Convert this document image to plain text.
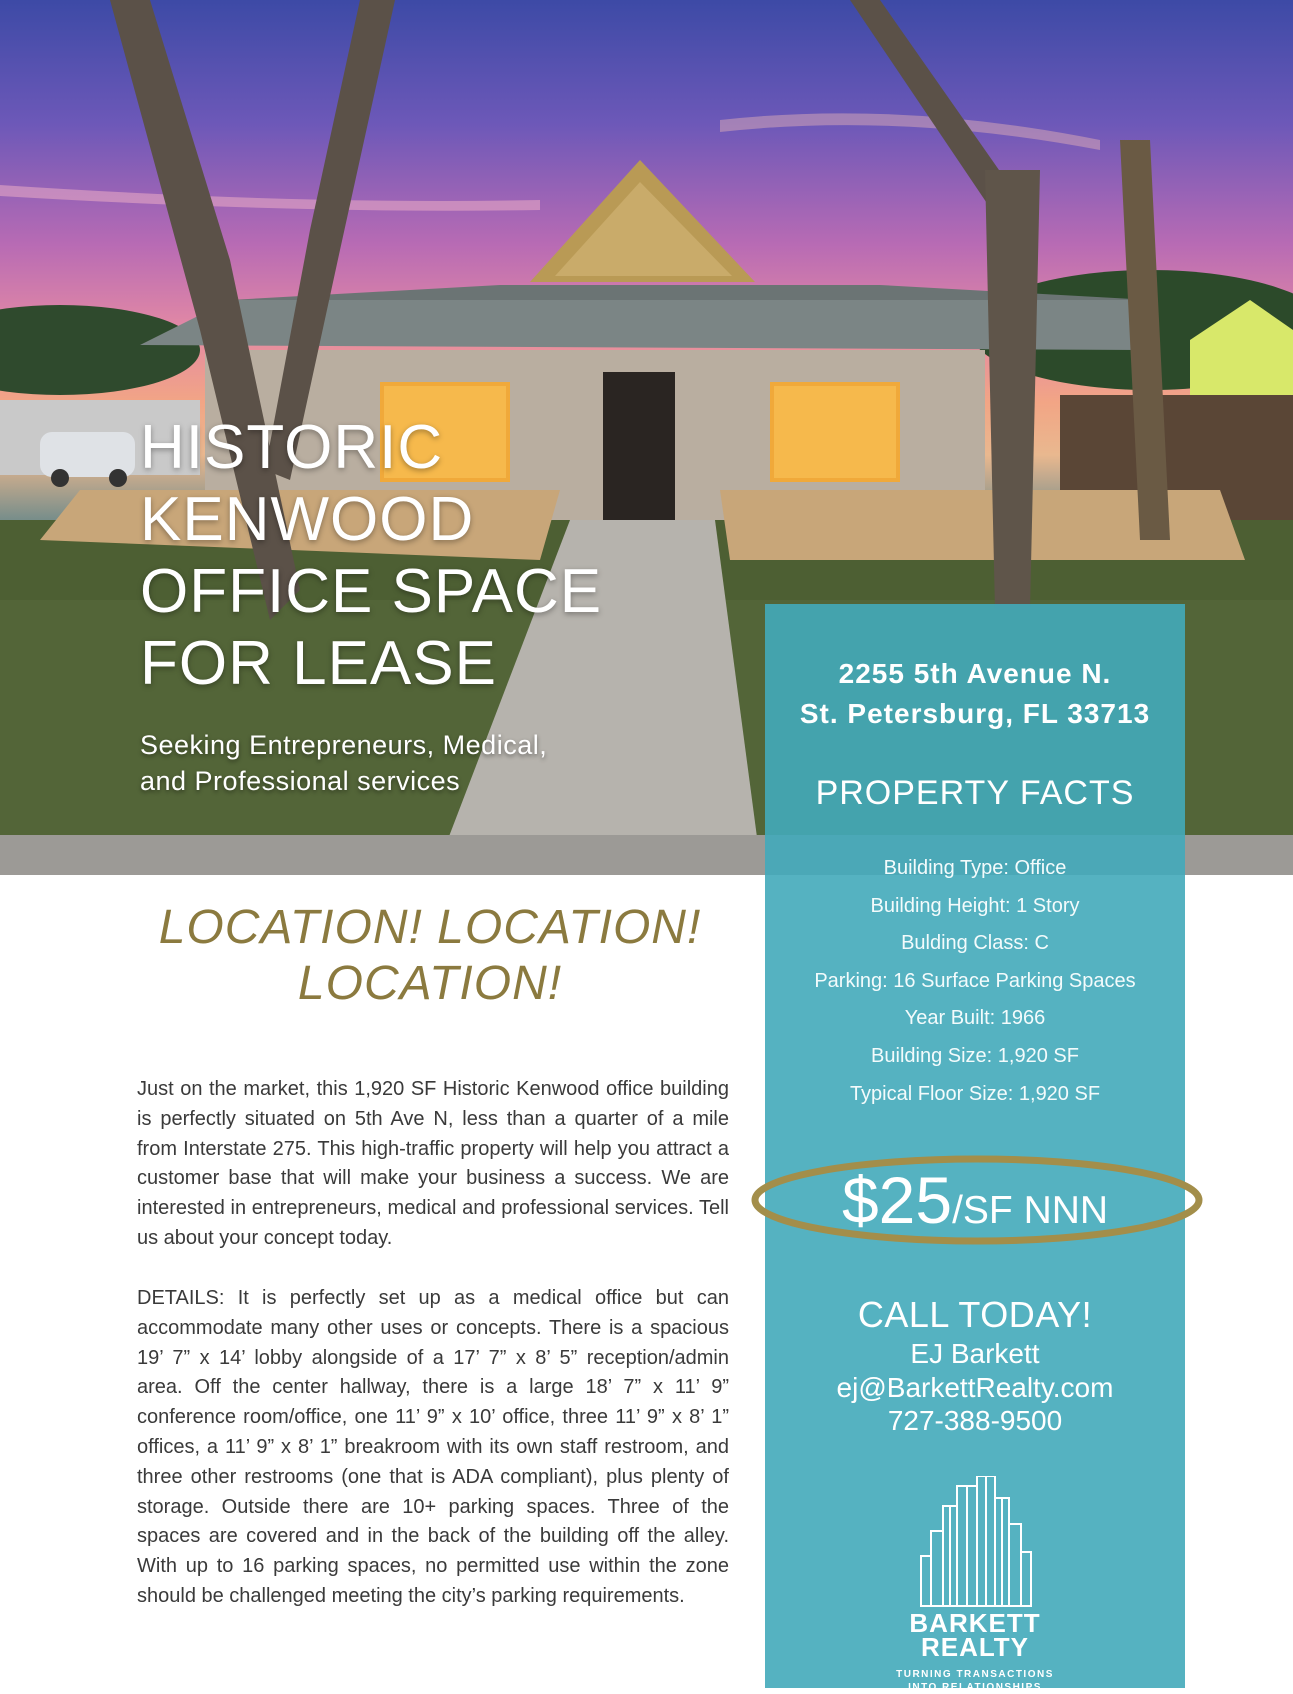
HISTORIC
KENWOOD
OFFICE SPACE
FOR LEASE

Seeking Entrepreneurs, Medical,
and Professional services

2255 5th Avenue N.
St. Petersburg, FL 33713
PROPERTY FACTS
Building Type: Office
Building Height: 1 Story
Bulding Class: C
Parking: 16 Surface Parking Spaces
Year Built: 1966
Building Size: 1,920 SF
Typical Floor Size: 1,920 SF
$25/SF NNN
CALL TODAY!
EJ Barkett
ej@BarkettRealty.com
727-388-9500
BARKETT
REALTY
TURNING TRANSACTIONS
INTO RELATIONSHIPS
LOCATION! LOCATION!
LOCATION!

Just on the market, this 1,920 SF Historic Kenwood office building is perfectly situated on 5th Ave N, less than a quarter of a mile from Interstate 275. This high-traffic property will help you attract a customer base that will make your business a success. We are interested in entrepreneurs, medical and professional services. Tell us about your concept today.

DETAILS: It is perfectly set up as a medical office but can accommodate many other uses or concepts. There is a spacious 19’ 7” x 14’ lobby alongside of a 17’ 7” x 8’ 5” reception/admin area. Off the center hallway, there is a large 18’ 7” x 11’ 9” conference room/office, one 11’ 9” x 10’ office, three 11’ 9” x 8’ 1” offices, a 11’ 9” x 8’ 1” breakroom with its own staff restroom, and three other restrooms (one that is ADA compliant), plus plenty of storage. Outside there are 10+ parking spaces. Three of the spaces are covered and in the back of the building off the alley. With up to 16 parking spaces, no permitted use within the zone should be challenged meeting the city’s parking requirements.
